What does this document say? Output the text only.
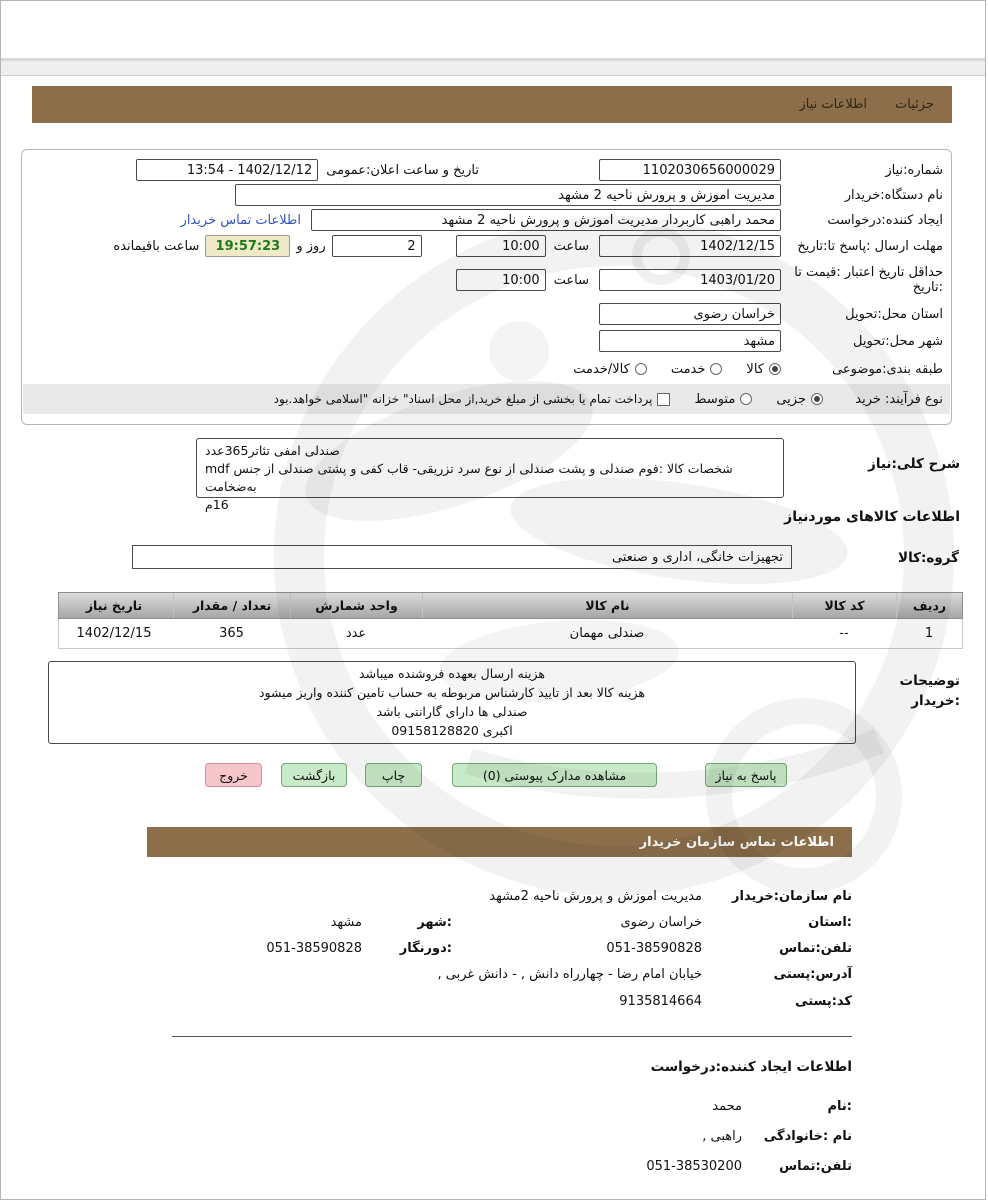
جزئیات
اطلاعات نیاز
شماره:نیاز
1102030656000029
تاریخ و ساعت اعلان:عمومی
13:54 - 1402/12/12
نام دستگاه:خریدار
مدیریت اموزش و پرورش ناحیه 2 مشهد
ایجاد کننده:درخواست
محمد راهبی کاربردار مدیریت اموزش و پرورش ناحیه 2 مشهد
اطلاعات تماس خریدار
مهلت ارسال :پاسخ تا:تاریخ
1402/12/15
ساعت
10:00
2
روز و
19:57:23
ساعت باقیمانده
حداقل تاریخ اعتبار :قیمت تا :تاریخ
1403/01/20
ساعت
10:00
استان محل:تحویل
خراسان رضوی
شهر محل:تحویل
مشهد
طبقه بندی:موضوعی
کالا
خدمت
کالا/خدمت
نوع فرآیند: خرید
جزیی
متوسط
پرداخت تمام یا بخشی از مبلغ خرید,از محل اسناد" خزانه "اسلامی خواهد.بود
شرح کلی:نیاز
صندلی امفی تئاتر365عدد
شخصات کالا :فوم صندلی و پشت صندلی از نوع سرد تزریقی- قاب کفی و پشتی صندلی از جنس mdf به‌ضخامت
16م
اطلاعات کالاهای موردنیاز
گروه:کالا
تجهیزات خانگی، اداری و صنعتی
ردیف
کد کالا
نام کالا
واحد شمارش
تعداد / مقدار
تاریخ نیاز
1
--
صندلی مهمان
عدد
365
1402/12/15
توضیحات :خریدار
هزینه ارسال بعهده فروشنده میباشد
هزینه کالا بعد از تایید کارشناس مربوطه به حساب تامین کننده واریز میشود
صندلی ها دارای گارانتی باشد
اکبری 09158128820
پاسخ به نیاز
مشاهده مدارک پیوستی (0)
چاپ
بازگشت
خروج
اطلاعات تماس سازمان خریدار
نام سازمان:خریدار
مدیریت اموزش و پرورش ناحیه 2مشهد
:استان
خراسان رضوی
:شهر
مشهد
تلفن:تماس
051-38590828
:دورنگار
051-38590828
آدرس:پستی
خیابان امام رضا - چهارراه دانش , - دانش غربی ,
کد:پستی
9135814664
اطلاعات ایجاد کننده:درخواست
:نام
محمد
نام :خانوادگی
راهبی ,
تلفن:تماس
051-38530200
